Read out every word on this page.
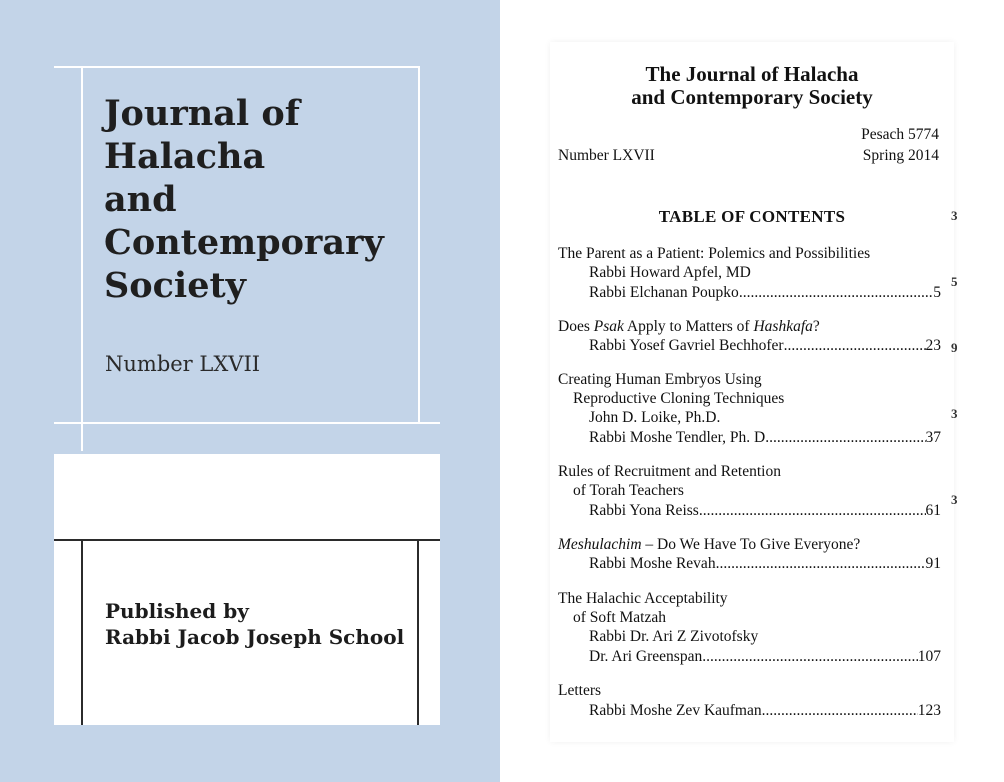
Journal of
Halacha
and
Contemporary
Society
Number LXVII

Published by
Rabbi Jacob Joseph School

The Journal of Halacha
and Contemporary Society
Pesach 5774
Number LXVII	Spring 2014
TABLE OF CONTENTS
The Parent as a Patient: Polemics and Possibilities
Rabbi Howard Apfel, MD
Rabbi Elchanan Poupko .....	5
Does Psak Apply to Matters of Hashkafa?
Rabbi Yosef Gavriel Bechhofer .....	23
Creating Human Embryos Using
Reproductive Cloning Techniques
John D. Loike, Ph.D.
Rabbi Moshe Tendler, Ph. D. .....	37
Rules of Recruitment and Retention
of Torah Teachers
Rabbi Yona Reiss .....	61
Meshulachim – Do We Have To Give Everyone?
Rabbi Moshe Revah .....	91
The Halachic Acceptability
of Soft Matzah
Rabbi Dr. Ari Z Zivotofsky
Dr. Ari Greenspan .....	107
Letters
Rabbi Moshe Zev Kaufman .....	123
3
5
9
3
3
